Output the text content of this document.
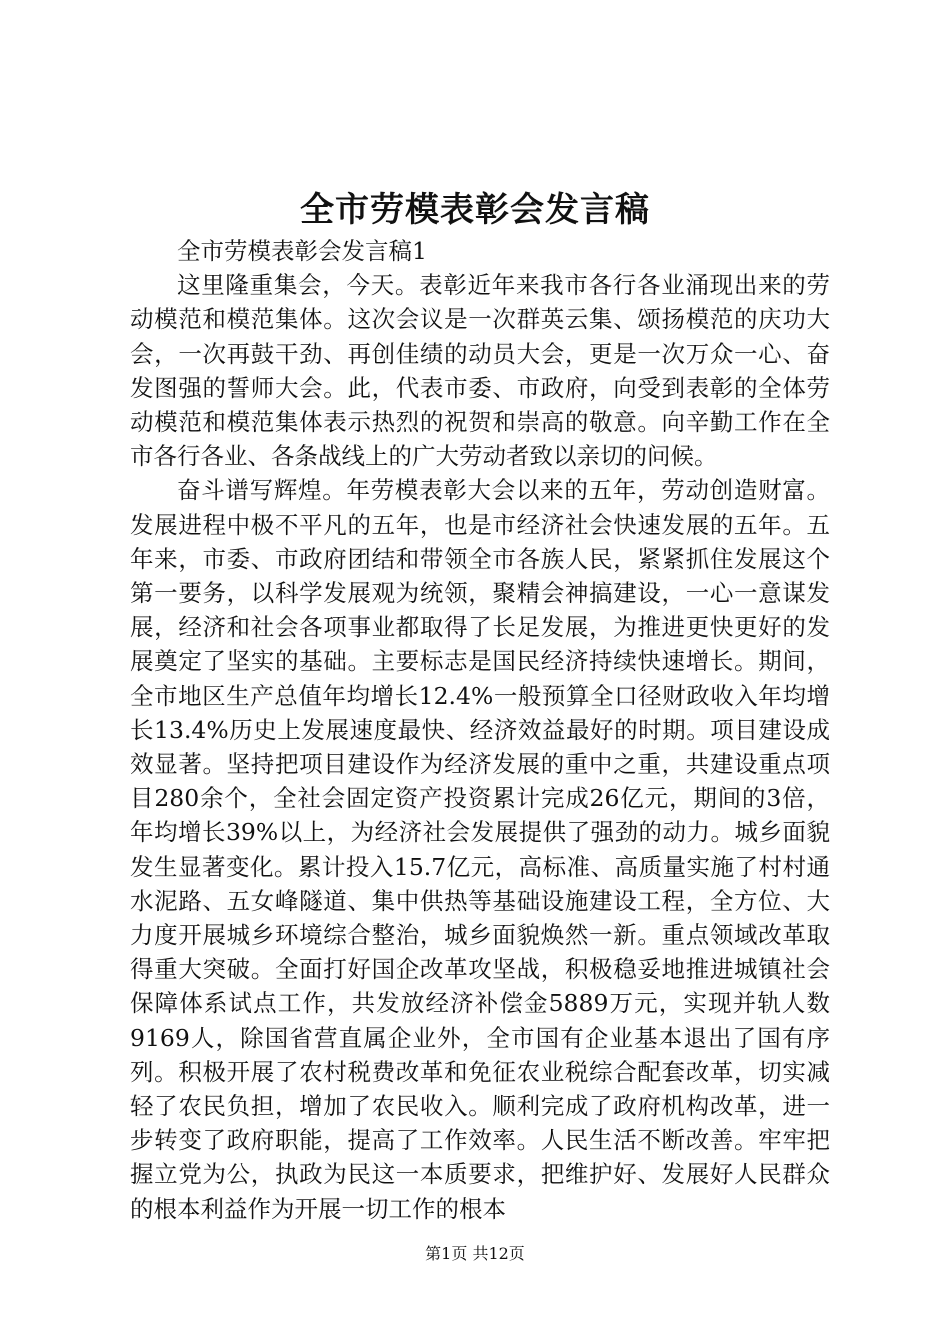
全市劳模表彰会发言稿

全市劳模表彰会发言稿1

这里隆重集会，今天。表彰近年来我市各行各业涌现出来的劳动模范和模范集体。这次会议是一次群英云集、颂扬模范的庆功大会，一次再鼓干劲、再创佳绩的动员大会，更是一次万众一心、奋发图强的誓师大会。此，代表市委、市政府，向受到表彰的全体劳动模范和模范集体表示热烈的祝贺和崇高的敬意。向辛勤工作在全市各行各业、各条战线上的广大劳动者致以亲切的问候。

奋斗谱写辉煌。年劳模表彰大会以来的五年，劳动创造财富。发展进程中极不平凡的五年，也是市经济社会快速发展的五年。五年来，市委、市政府团结和带领全市各族人民，紧紧抓住发展这个第一要务，以科学发展观为统领，聚精会神搞建设，一心一意谋发展，经济和社会各项事业都取得了长足发展，为推进更快更好的发展奠定了坚实的基础。主要标志是国民经济持续快速增长。期间，全市地区生产总值年均增长12.4%一般预算全口径财政收入年均增长13.4%历史上发展速度最快、经济效益最好的时期。项目建设成效显著。坚持把项目建设作为经济发展的重中之重，共建设重点项目280余个，全社会固定资产投资累计完成26亿元，期间的3倍，年均增长39%以上，为经济社会发展提供了强劲的动力。城乡面貌发生显著变化。累计投入15.7亿元，高标准、高质量实施了村村通水泥路、五女峰隧道、集中供热等基础设施建设工程，全方位、大力度开展城乡环境综合整治，城乡面貌焕然一新。重点领域改革取得重大突破。全面打好国企改革攻坚战，积极稳妥地推进城镇社会保障体系试点工作，共发放经济补偿金5889万元，实现并轨人数9169人，除国省营直属企业外，全市国有企业基本退出了国有序列。积极开展了农村税费改革和免征农业税综合配套改革，切实减轻了农民负担，增加了农民收入。顺利完成了政府机构改革，进一步转变了政府职能，提高了工作效率。人民生活不断改善。牢牢把握立党为公，执政为民这一本质要求，把维护好、发展好人民群众的根本利益作为开展一切工作的根本

第1页 共12页
